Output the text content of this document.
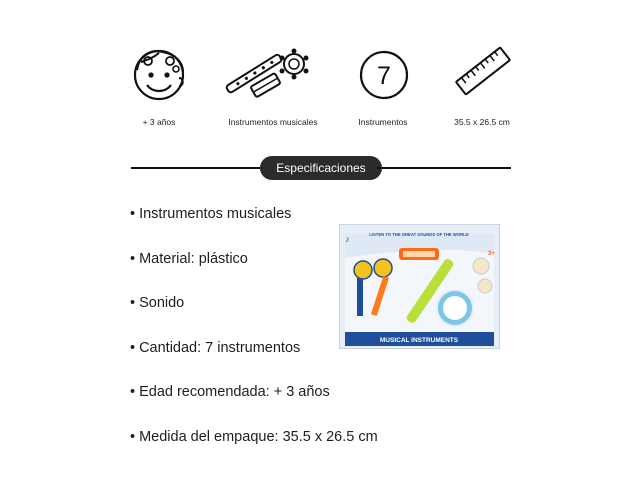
+ 3 años	Instrumentos musicales
7
Instrumentos	35.5 x 26.5 cm
Especificaciones
• Instrumentos musicales
• Material: plástico
• Sonido
• Cantidad: 7 instrumentos
• Edad recomendada: + 3 años
• Medida del empaque: 35.5 x 26.5 cm
♪	LISTEN TO THE GREAT SOUNDS OF THE WORLD
3+
MUSICAL INSTRUMENTS
